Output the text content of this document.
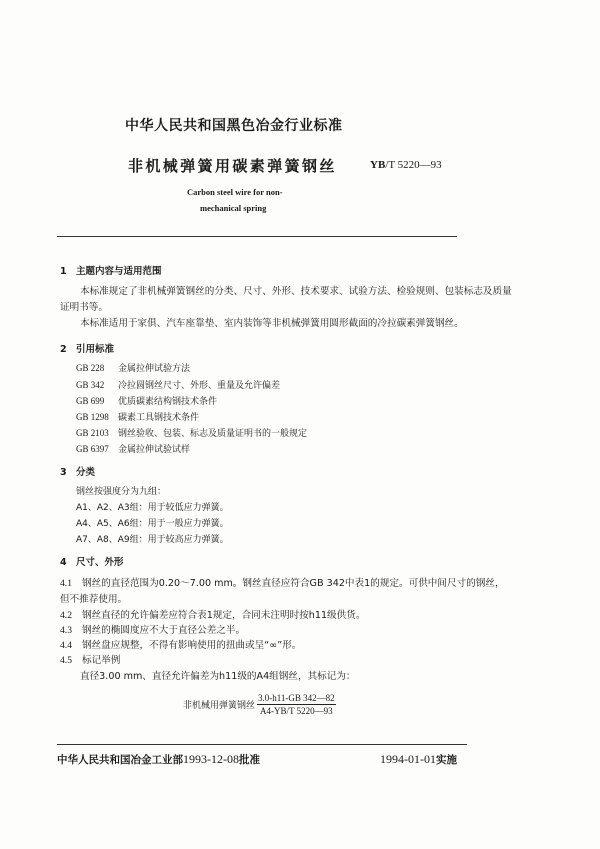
中华人民共和国黑色冶金行业标准
非机械弹簧用碳素弹簧钢丝	YB/T 5220—93
Carbon steel wire for non-
mechanical spring
1 主题内容与适用范围
本标准规定了非机械弹簧钢丝的分类、尺寸、外形、技术要求、试验方法、检验规则、包装标志及质量
证明书等。
本标准适用于家俱、汽车座靠垫、室内装饰等非机械弹簧用圆形截面的冷拉碳素弹簧钢丝。
2 引用标准
GB 228 金属拉伸试验方法
GB 342 冷拉圆钢丝尺寸、外形、重量及允许偏差
GB 699 优质碳素结构钢技术条件
GB 1298 碳素工具钢技术条件
GB 2103 钢丝验收、包装、标志及质量证明书的一般规定
GB 6397 金属拉伸试验试样
3 分类
钢丝按强度分为九组：
A1、A2、A3组：用于较低应力弹簧。
A4、A5、A6组：用于一般应力弹簧。
A7、A8、A9组：用于较高应力弹簧。
4 尺寸、外形
4.1 钢丝的直径范围为0.20～7.00 mm。钢丝直径应符合GB 342中表1的规定。可供中间尺寸的钢丝，
但不推荐使用。
4.2 钢丝直径的允许偏差应符合表1规定，合同未注明时按h11级供货。
4.3 钢丝的椭圆度应不大于直径公差之半。
4.4 钢丝盘应规整，不得有影响使用的扭曲或呈“∞”形。
4.5 标记举例
直径3.00 mm、直径允许偏差为h11级的A4组钢丝，其标记为：
非机械用弹簧钢丝 $\frac{3.0-h11-GB 342—82}{A4-YB/T 5220—93}$
中华人民共和国冶金工业部1993-12-08批准	1994-01-01实施
